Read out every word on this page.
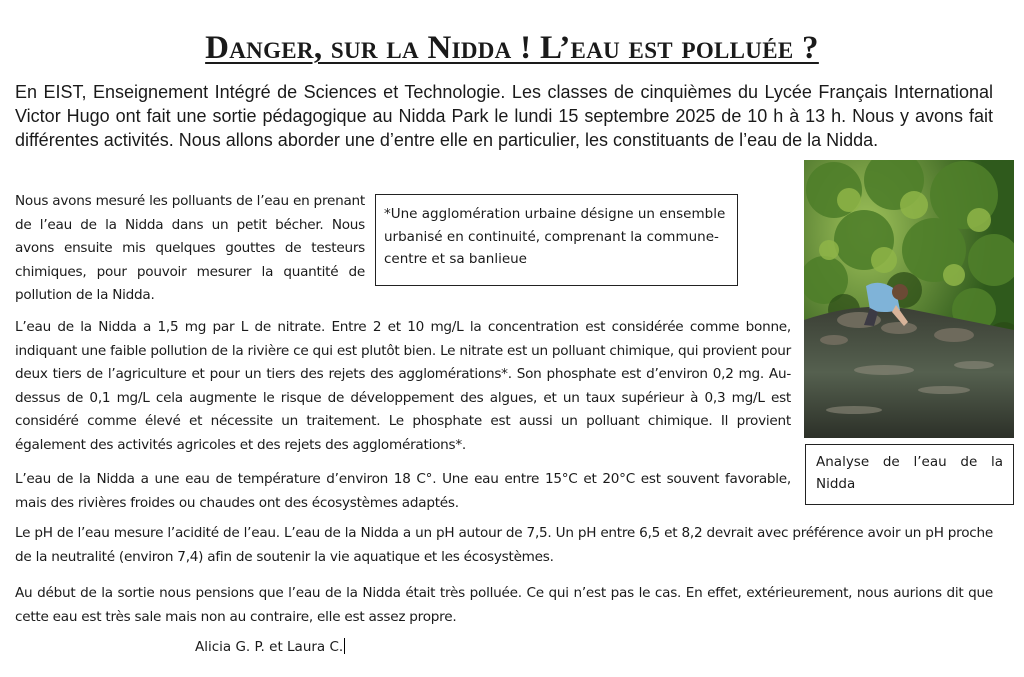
Danger, sur la Nidda ! L’eau est polluée ?

En EIST, Enseignement Intégré de Sciences et Technologie. Les classes de cinquièmes du Lycée Français International Victor Hugo ont fait une sortie pédagogique au Nidda Park le lundi 15 septembre 2025 de 10 h à 13 h. Nous y avons fait différentes activités. Nous allons aborder une d’entre elle en particulier, les constituants de l’eau de la Nidda.

Nous avons mesuré les polluants de l’eau en prenant de l’eau de la Nidda dans un petit bécher. Nous avons ensuite mis quelques gouttes de testeurs chimiques, pour pouvoir mesurer la quantité de pollution de la Nidda.

*Une agglomération urbaine désigne un ensemble urbanisé en continuité, comprenant la commune-centre et sa banlieue

L’eau de la Nidda a 1,5 mg par L de nitrate. Entre 2 et 10 mg/L la concentration est considérée comme bonne, indiquant une faible pollution de la rivière ce qui est plutôt bien. Le nitrate est un polluant chimique, qui provient pour deux tiers de l’agriculture et pour un tiers des rejets des agglomérations*. Son phosphate est d’environ 0,2 mg. Au-dessus de 0,1 mg/L cela augmente le risque de développement des algues, et un taux supérieur à 0,3 mg/L est considéré comme élevé et nécessite un traitement. Le phosphate est aussi un polluant chimique. Il provient également des activités agricoles et des rejets des agglomérations*.

L’eau de la Nidda a une eau de température d’environ 18 C°. Une eau entre 15°C et 20°C est souvent favorable, mais des rivières froides ou chaudes ont des écosystèmes adaptés.

Le pH de l’eau mesure l’acidité de l’eau. L’eau de la Nidda a un pH autour de 7,5. Un pH entre 6,5 et 8,2 devrait avec préférence avoir un pH proche de la neutralité (environ 7,4) afin de soutenir la vie aquatique et les écosystèmes.

Au début de la sortie nous pensions que l’eau de la Nidda était très polluée. Ce qui n’est pas le cas. En effet, extérieurement, nous aurions dit que cette eau est très sale mais non au contraire, elle est assez propre.

Analyse de l’eau de la Nidda

Alicia G. P. et Laura C.
